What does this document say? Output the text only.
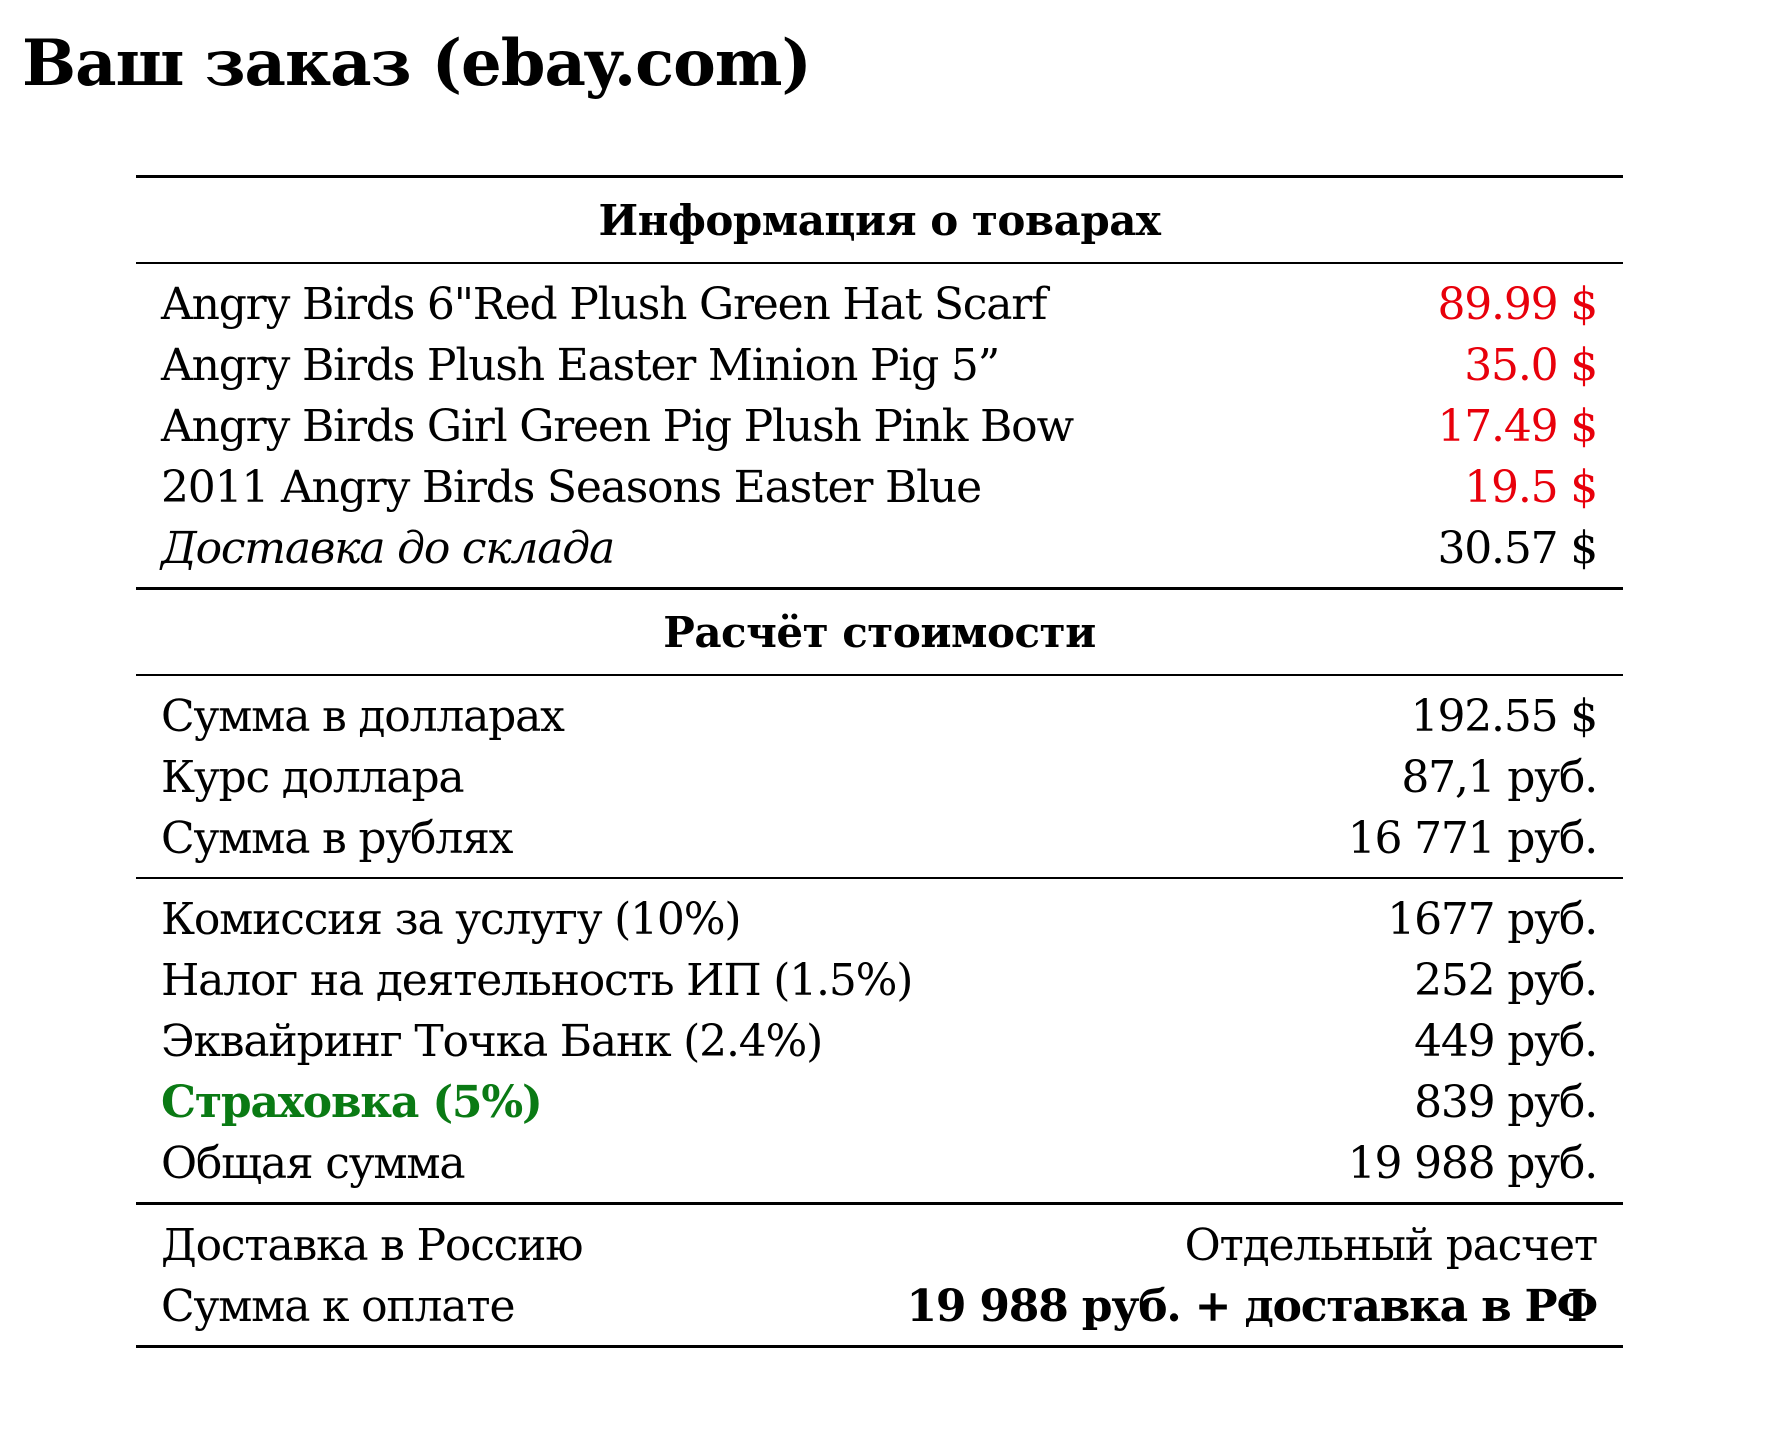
Ваш заказ (ebay.com)
Информация о товарах
Angry Birds 6"Red Plush Green Hat Scarf	89.99 $
Angry Birds Plush Easter Minion Pig 5”	35.0 $
Angry Birds Girl Green Pig Plush Pink Bow	17.49 $
2011 Angry Birds Seasons Easter Blue	19.5 $
Доставка до склада	30.57 $
Расчёт стоимости
Сумма в долларах	192.55 $
Курс доллара	87,1 руб.
Сумма в рублях	16 771 руб.
Комиссия за услугу (10%)	1677 руб.
Налог на деятельность ИП (1.5%)	252 руб.
Эквайринг Точка Банк (2.4%)	449 руб.
Страховка (5%)	839 руб.
Общая сумма	19 988 руб.
Доставка в Россию	Отдельный расчет
Сумма к оплате	19 988 руб. + доставка в РФ
